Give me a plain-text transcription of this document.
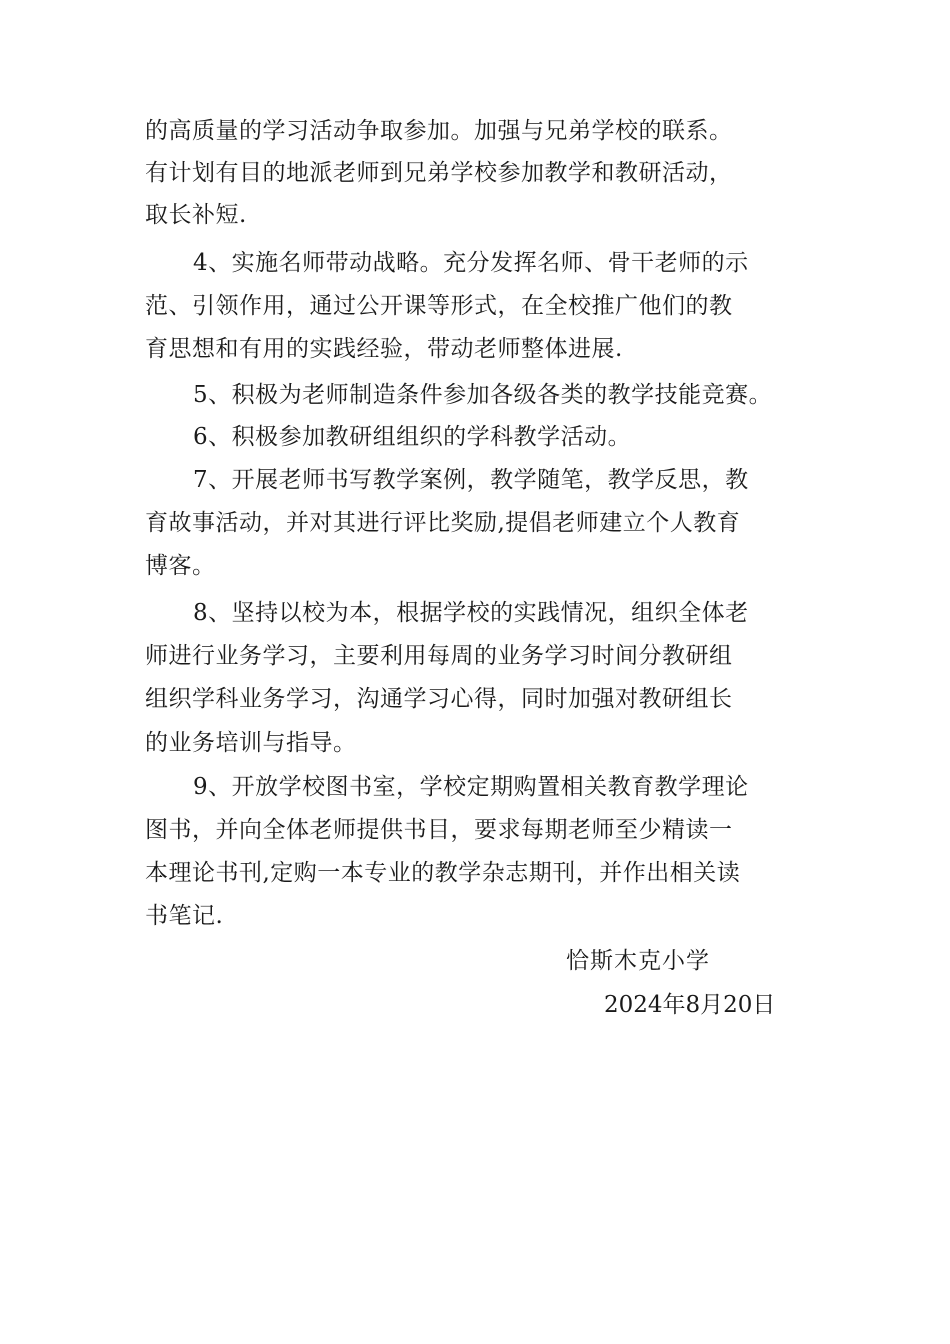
的高质量的学习活动争取参加。加强与兄弟学校的联系。
有计划有目的地派老师到兄弟学校参加教学和教研活动，
取长补短.
4、实施名师带动战略。充分发挥名师、骨干老师的示
范、引领作用，通过公开课等形式，在全校推广他们的教
育思想和有用的实践经验，带动老师整体进展.
5、积极为老师制造条件参加各级各类的教学技能竞赛。
6、积极参加教研组组织的学科教学活动。
7、开展老师书写教学案例，教学随笔，教学反思，教
育故事活动，并对其进行评比奖励,提倡老师建立个人教育
博客。
8、坚持以校为本，根据学校的实践情况，组织全体老
师进行业务学习，主要利用每周的业务学习时间分教研组
组织学科业务学习，沟通学习心得，同时加强对教研组长
的业务培训与指导。
9、开放学校图书室，学校定期购置相关教育教学理论
图书，并向全体老师提供书目，要求每期老师至少精读一
本理论书刊,定购一本专业的教学杂志期刊，并作出相关读
书笔记.
恰斯木克小学
2024年8月20日
